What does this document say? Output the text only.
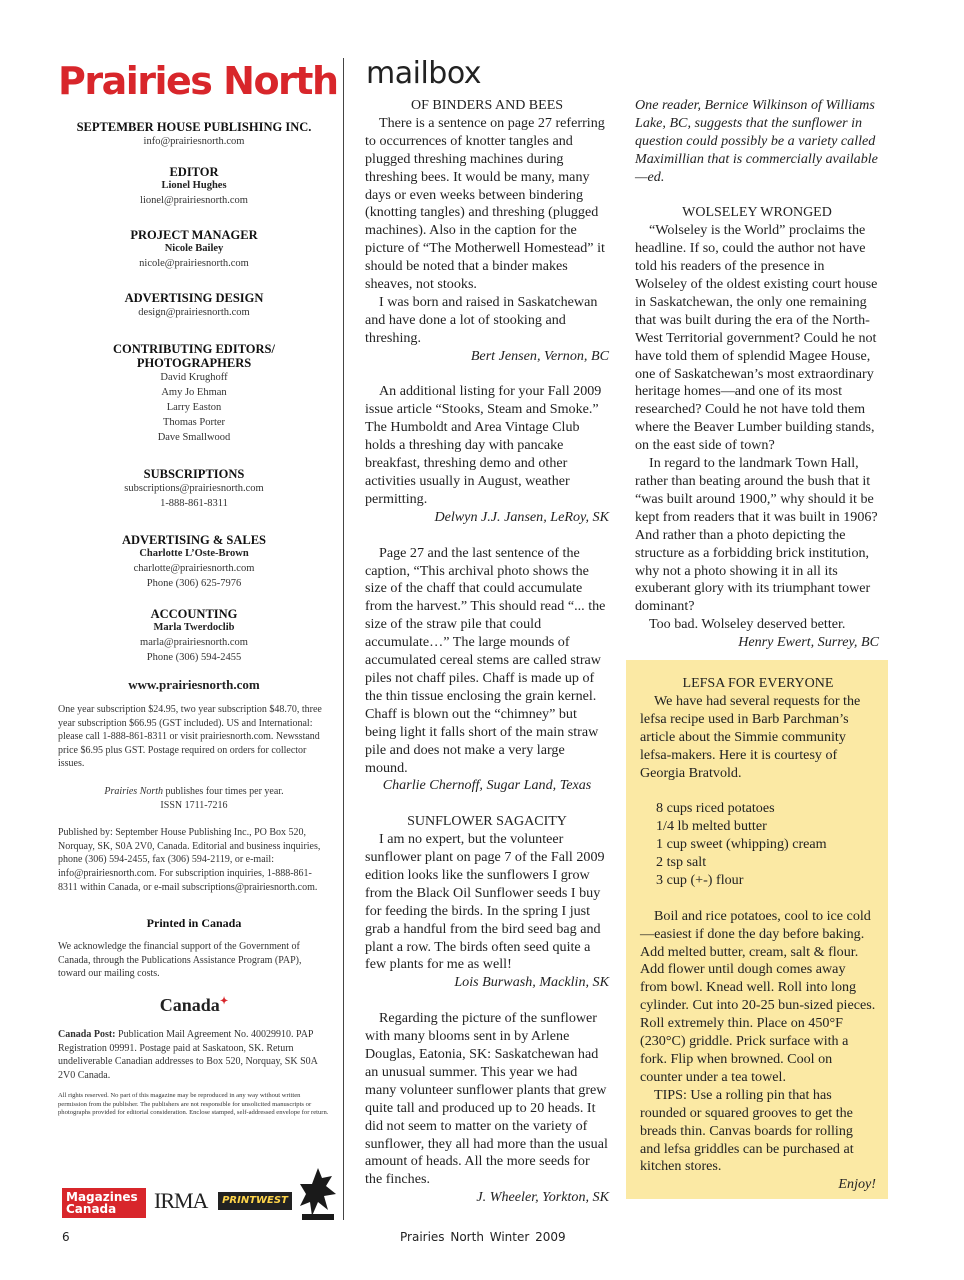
Prairies North
SEPTEMBER HOUSE PUBLISHING INC.
info@prairiesnorth.com
EDITOR
Lionel Hughes
lionel@prairiesnorth.com
PROJECT MANAGER
Nicole Bailey
nicole@prairiesnorth.com
ADVERTISING DESIGN
design@prairiesnorth.com
CONTRIBUTING EDITORS/
PHOTOGRAPHERS
David Krughoff
Amy Jo Ehman
Larry Easton
Thomas Porter
Dave Smallwood
SUBSCRIPTIONS
subscriptions@prairiesnorth.com
1-888-861-8311
ADVERTISING & SALES
Charlotte L’Oste-Brown
charlotte@prairiesnorth.com
Phone (306) 625-7976
ACCOUNTING
Marla Twerdoclib
marla@prairiesnorth.com
Phone (306) 594-2455
www.prairiesnorth.com
One year subscription $24.95, two year subscription $48.70, three year subscription $66.95 (GST included). US and International: please call 1-888-861-8311 or visit prairiesnorth.com. Newsstand price $6.95 plus GST. Postage required on orders for collector issues.
Prairies North publishes four times per year.
ISSN 1711-7216
Published by: September House Publishing Inc., PO Box 520, Norquay, SK, S0A 2V0, Canada. Editorial and business inquiries, phone (306) 594-2455, fax (306) 594-2119, or e-mail: info@prairiesnorth.com. For subscription inquiries, 1-888-861-8311 within Canada, or e-mail subscriptions@prairiesnorth.com.
Printed in Canada
We acknowledge the financial support of the Government of Canada, through the Publications Assistance Program (PAP), toward our mailing costs.
Canada✦
Canada Post: Publication Mail Agreement No. 40029910. PAP Registration 09991. Postage paid at Saskatoon, SK. Return undeliverable Canadian addresses to Box 520, Norquay, SK S0A 2V0 Canada.
All rights reserved. No part of this magazine may be reproduced in any way without written permission from the publisher. The publishers are not responsible for unsolicited manuscripts or photographs provided for editorial consideration. Enclose stamped, self-addressed envelope for return.
Magazines
Canada	IRMA	PRINTWEST
mailbox
OF BINDERS AND BEES
There is a sentence on page 27 referring to occurrences of knotter tangles and plugged threshing machines during threshing bees. It would be many, many days or even weeks between bindering (knotting tangles) and threshing (plugged machines). Also in the caption for the picture of “The Motherwell Homestead” it should be noted that a binder makes sheaves, not stooks.
I was born and raised in Saskatchewan and have done a lot of stooking and threshing.
Bert Jensen, Vernon, BC
An additional listing for your Fall 2009 issue article “Stooks, Steam and Smoke.” The Humboldt and Area Vintage Club holds a threshing day with pancake breakfast, threshing demo and other activities usually in August, weather permitting.
Delwyn J.J. Jansen, LeRoy, SK
Page 27 and the last sentence of the caption, “This archival photo shows the size of the chaff that could accumulate from the harvest.” This should read “... the size of the straw pile that could accumulate…” The large mounds of accumulated cereal stems are called straw piles not chaff piles. Chaff is made up of the thin tissue enclosing the grain kernel. Chaff is blown out the “chimney” but being light it falls short of the main straw pile and does not make a very large mound.
Charlie Chernoff, Sugar Land, Texas
SUNFLOWER SAGACITY
I am no expert, but the volunteer sunflower plant on page 7 of the Fall 2009 edition looks like the sunflowers I grow from the Black Oil Sunflower seeds I buy for feeding the birds. In the spring I just grab a handful from the bird seed bag and plant a row. The birds often seed quite a few plants for me as well!
Lois Burwash, Macklin, SK
Regarding the picture of the sunflower with many blooms sent in by Arlene Douglas, Eatonia, SK: Saskatchewan had an unusual summer. This year we had many volunteer sunflower plants that grew quite tall and produced up to 20 heads. It did not seem to matter on the variety of sunflower, they all had more than the usual amount of heads. All the more seeds for the finches.
J. Wheeler, Yorkton, SK
One reader, Bernice Wilkinson of Williams Lake, BC, suggests that the sunflower in question could possibly be a variety called Maximillian that is commercially available—ed.
WOLSELEY WRONGED
“Wolseley is the World” proclaims the headline. If so, could the author not have told his readers of the presence in Wolseley of the oldest existing court house in Saskatchewan, the only one remaining that was built during the era of the North-West Territorial government? Could he not have told them of splendid Magee House, one of Saskatchewan’s most extraordinary heritage homes—and one of its most researched? Could he not have told them where the Beaver Lumber building stands, on the east side of town?
In regard to the landmark Town Hall, rather than beating around the bush that it “was built around 1900,” why should it be kept from readers that it was built in 1906? And rather than a photo depicting the structure as a forbidding brick institution, why not a photo showing it in all its exuberant glory with its triumphant tower dominant?
Too bad. Wolseley deserved better.
Henry Ewert, Surrey, BC
LEFSA FOR EVERYONE
We have had several requests for the lefsa recipe used in Barb Parchman’s article about the Simmie community lefsa-makers. Here it is courtesy of Georgia Bratvold.
8 cups riced potatoes
1/4 lb melted butter
1 cup sweet (whipping) cream
2 tsp salt
3 cup (+-) flour
Boil and rice potatoes, cool to ice cold—easiest if done the day before baking. Add melted butter, cream, salt & flour. Add flower until dough comes away from bowl. Knead well. Roll into long cylinder. Cut into 20-25 bun-sized pieces. Roll extremely thin. Place on 450°F (230°C) griddle. Prick surface with a fork. Flip when browned. Cool on counter under a tea towel.
TIPS: Use a rolling pin that has rounded or squared grooves to get the breads thin. Canvas boards for rolling and lefsa griddles can be purchased at kitchen stores.
Enjoy!
6	Prairies North Winter 2009
